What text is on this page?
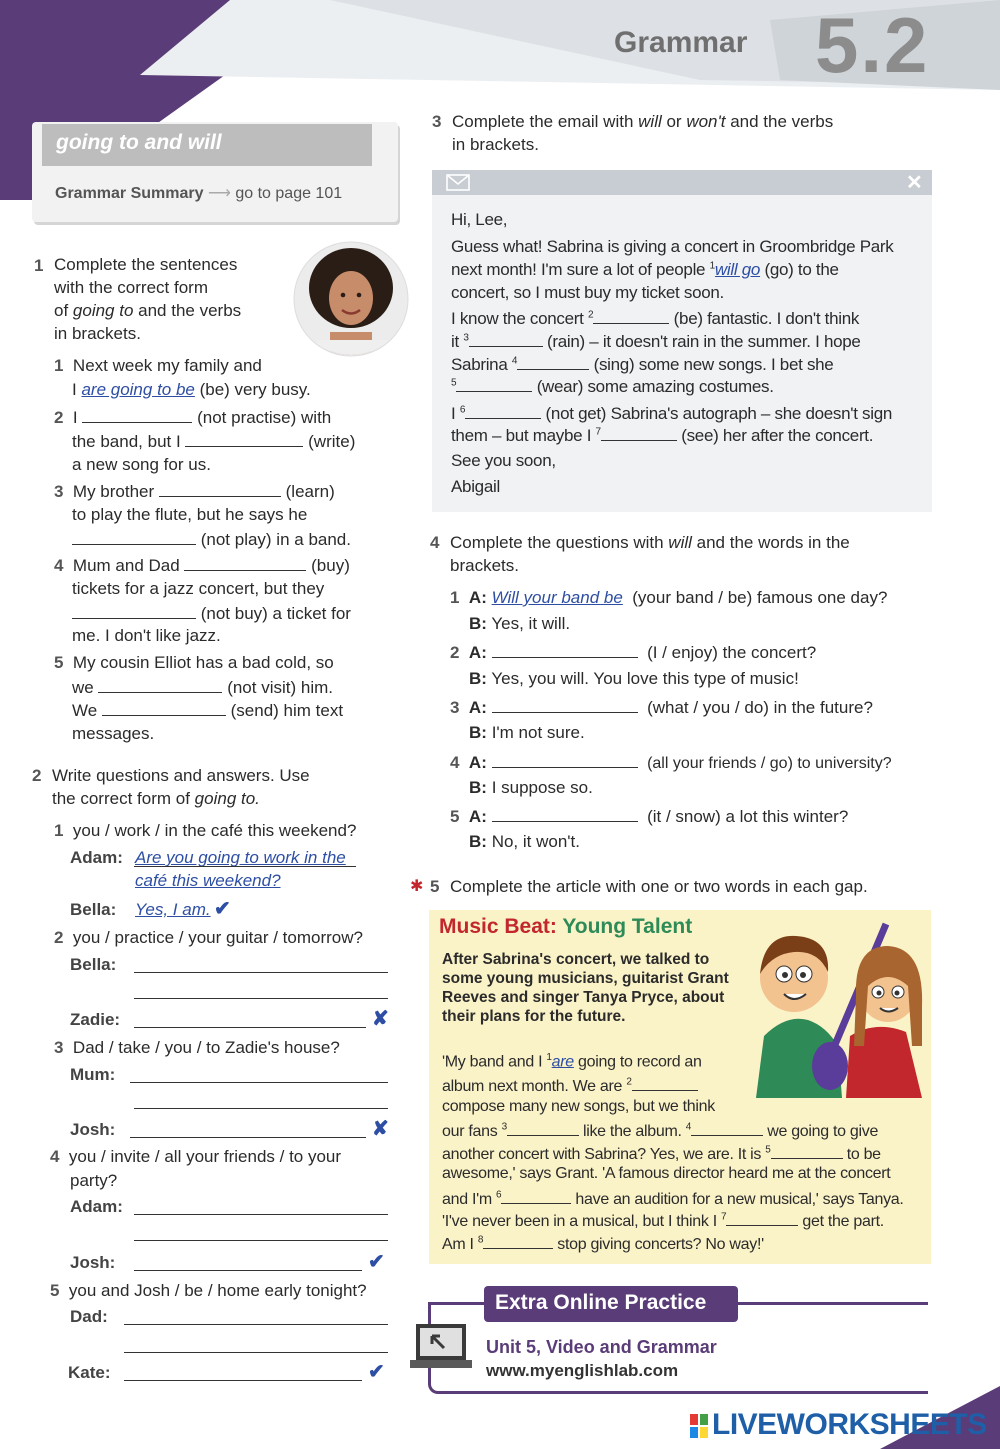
Grammar 5.2
going to and will
Grammar Summary ⟶ go to page 101
1 Complete the sentences
with the correct form
of going to and the verbs
in brackets.
1 Next week my family and
I are going to be (be) very busy.
2 I	(not practise) with
the band, but I	(write)
a new song for us.
3 My brother	(learn)
to play the flute, but he says he
(not play) in a band.
4 Mum and Dad	(buy)
tickets for a jazz concert, but they
(not buy) a ticket for
me. I don't like jazz.
5 My cousin Elliot has a bad cold, so
we	(not visit) him.
We	(send) him text
messages.
2 Write questions and answers. Use
the correct form of going to.
1 you / work / in the café this weekend?
Adam: Are you going to work in the
café this weekend?
Bella: Yes, I am. ✔
2 you / practice / your guitar / tomorrow?
Bella:
Zadie:	✘
3 Dad / take / you / to Zadie's house?
Mum:
Josh:	✘
4 you / invite / all your friends / to your
party?
Adam:
Josh:	✔
5 you and Josh / be / home early tonight?
Dad:
Kate:	✔
3 Complete the email with will or won't and the verbs
in brackets.
✕
Hi, Lee,
Guess what! Sabrina is giving a concert in Groombridge Park
next month! I'm sure a lot of people $^1$will go (go) to the
concert, so I must buy my ticket soon.
I know the concert $^2$	(be) fantastic. I don't think
it $^3$	(rain) – it doesn't rain in the summer. I hope
Sabrina $^4$	(sing) some new songs. I bet she
$^5$	(wear) some amazing costumes.
I $^6$	(not get) Sabrina's autograph – she doesn't sign
them – but maybe I $^7$	(see) her after the concert.
See you soon,
Abigail
4 Complete the questions with will and the words in the
brackets.
1 A: Will your band be (your band / be) famous one day?
B: Yes, it will.
2 A:	(I / enjoy) the concert?
B: Yes, you will. You love this type of music!
3 A:	(what / you / do) in the future?
B: I'm not sure.
4 A:	(all your friends / go) to university?
B: I suppose so.
5 A:	(it / snow) a lot this winter?
B: No, it won't.
✱ 5 Complete the article with one or two words in each gap.
Music Beat: Young Talent
After Sabrina's concert, we talked to
some young musicians, guitarist Grant
Reeves and singer Tanya Pryce, about
their plans for the future.
'My band and I $^1$are going to record an
album next month. We are $^2$
compose many new songs, but we think
our fans $^3$	like the album. $^4$	we going to give
another concert with Sabrina? Yes, we are. It is $^5$	to be
awesome,' says Grant. 'A famous director heard me at the concert
and I'm $^6$	have an audition for a new musical,' says Tanya.
'I've never been in a musical, but I think I $^7$	get the part.
Am I $^8$	stop giving concerts? No way!'
Extra Online Practice
Unit 5, Video and Grammar
www.myenglishlab.com
LIVEWORKSHEETS
